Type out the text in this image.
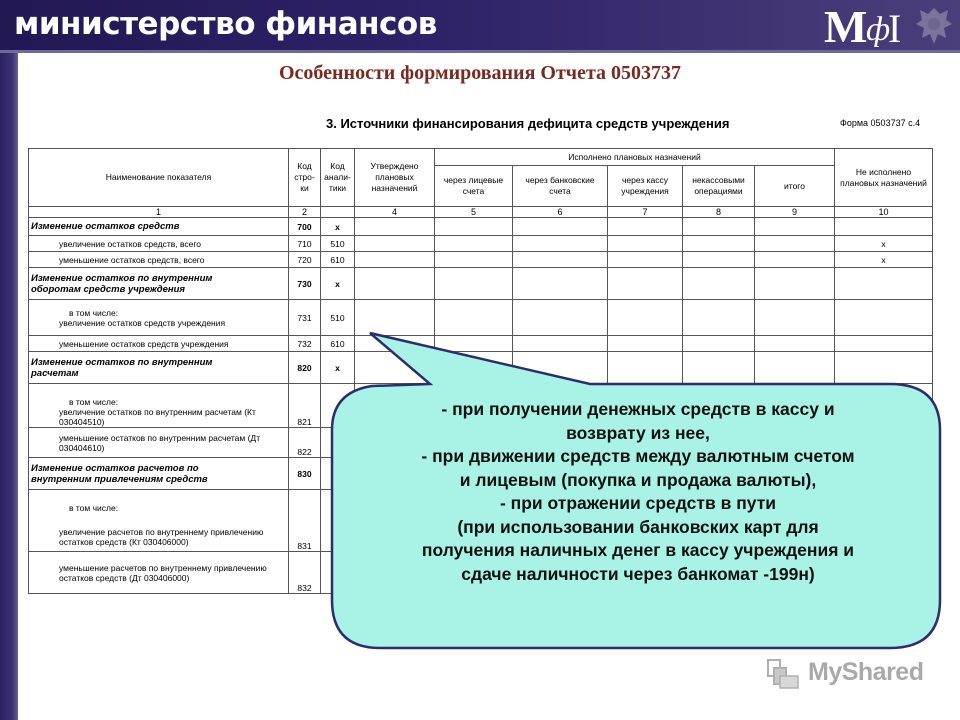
министерство финансов	М
ф
I
Особенности формирования Отчета 0503737
3. Источники финансирования дефицита средств учреждения	Форма 0503737 с.4
Наименование показателя	Код стро-ки	Код анали-тики	Утверждено плановых назначений	Исполнено плановых назначений					Не исполнено плановых назначений
				через лицевые счета	через банковские счета	через кассу учреждения	некассовыми операциями	итого	
1	2		4	5	6	7	8	9	10
Изменение остатков средств	700	x							
увеличение остатков средств, всего	710	510							x
уменьшение остатков средств, всего	720	610							x

Изменение остатков по внутренним
оборотам средств учреждения	730	x							

в том числе:
увеличение остатков средств учреждения	731	510							
уменьшение остатков средств учреждения	732	610							

Изменение остатков по внутренним
расчетам	820	x							

в том числе:
увеличение остатков по внутренним расчетам (Кт
030404510)	821								

уменьшение остатков по внутренним расчетам (Дт
030404610)	822								

Изменение остатков расчетов по
внутренним привлечениям средств	830								

в том числе:
увеличение расчетов по внутреннему привлечению
остатков средств (Кт 030406000)	831								

уменьшение расчетов по внутреннему привлечению
остатков средств (Дт 030406000)	832								
- при получении денежных средств в кассу и
возврату из нее,
- при движении средств между валютным счетом
и лицевым (покупка и продажа валюты),
- при отражении средств в пути
(при использовании банковских карт для
получения наличных денег в кассу учреждения и
сдаче наличности через банкомат -199н)
MyShared
